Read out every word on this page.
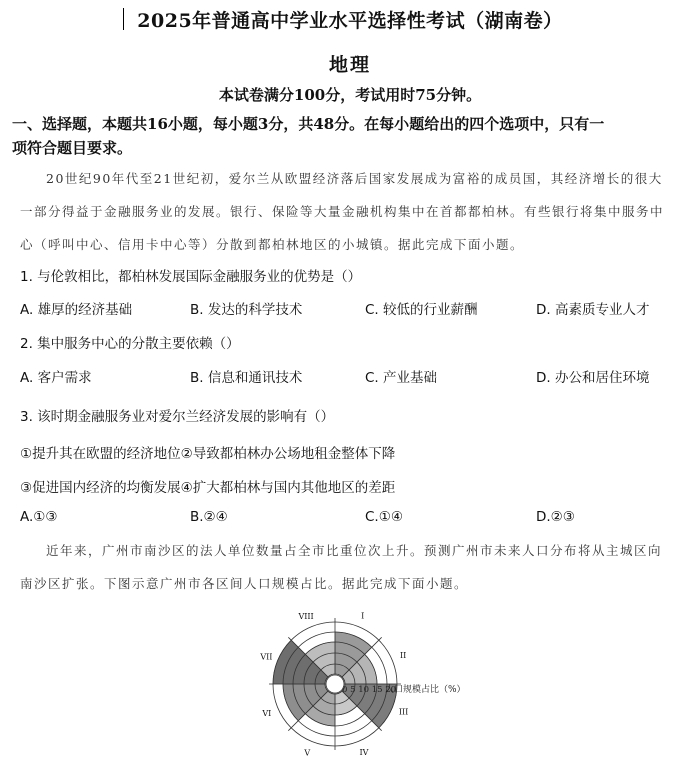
2025年普通高中学业水平选择性考试（湖南卷）
地理
本试卷满分100分，考试用时75分钟。
一、选择题，本题共16小题，每小题3分，共48分。在每小题给出的四个选项中，只有一
项符合题目要求。
20世纪90年代至21世纪初，爱尔兰从欧盟经济落后国家发展成为富裕的成员国，其经济增长的很大
一部分得益于金融服务业的发展。银行、保险等大量金融机构集中在首都都柏林。有些银行将集中服务中
心（呼叫中心、信用卡中心等）分散到都柏林地区的小城镇。据此完成下面小题。
1. 与伦敦相比，都柏林发展国际金融服务业的优势是（）
A. 雄厚的经济基础	B. 发达的科学技术	C. 较低的行业薪酬	D. 高素质专业人才
2. 集中服务中心的分散主要依赖（）
A. 客户需求	B. 信息和通讯技术	C. 产业基础	D. 办公和居住环境
3. 该时期金融服务业对爱尔兰经济发展的影响有（）
①提升其在欧盟的经济地位②导致都柏林办公场地租金整体下降
③促进国内经济的均衡发展④扩大都柏林与国内其他地区的差距
A.①③	B.②④	C.①④	D.②③
近年来，广州市南沙区的法人单位数量占全市比重位次上升。预测广州市未来人口分布将从主城区向
南沙区扩张。下图示意广州市各区间人口规模占比。据此完成下面小题。
I
II
III
IV
V
VI
VII
VIII
0 5 10 15 20
人口规模占比（%）
